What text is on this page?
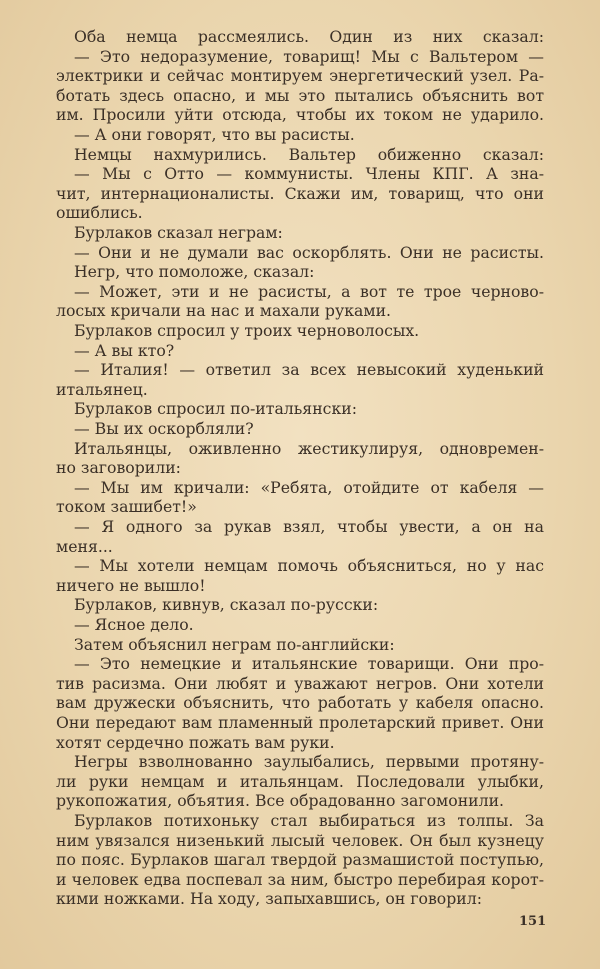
Оба немца рассмеялись. Один из них сказал:
— Это недоразумение, товарищ! Мы с Вальтером —
электрики и сейчас монтируем энергетический узел. Ра-
ботать здесь опасно, и мы это пытались объяснить вот
им. Просили уйти отсюда, чтобы их током не ударило.
— А они говорят, что вы расисты.
Немцы нахмурились. Вальтер обиженно сказал:
— Мы с Отто — коммунисты. Члены КПГ. А зна-
чит, интернационалисты. Скажи им, товарищ, что они
ошиблись.
Бурлаков сказал неграм:
— Они и не думали вас оскорблять. Они не расисты.
Негр, что помоложе, сказал:
— Может, эти и не расисты, а вот те трое черново-
лосых кричали на нас и махали руками.
Бурлаков спросил у троих черноволосых.
— А вы кто?
— Италия! — ответил за всех невысокий худенький
итальянец.
Бурлаков спросил по-итальянски:
— Вы их оскорбляли?
Итальянцы, оживленно жестикулируя, одновремен-
но заговорили:
— Мы им кричали: «Ребята, отойдите от кабеля —
током зашибет!»
— Я одного за рукав взял, чтобы увести, а он на
меня...
— Мы хотели немцам помочь объясниться, но у нас
ничего не вышло!
Бурлаков, кивнув, сказал по-русски:
— Ясное дело.
Затем объяснил неграм по-английски:
— Это немецкие и итальянские товарищи. Они про-
тив расизма. Они любят и уважают негров. Они хотели
вам дружески объяснить, что работать у кабеля опасно.
Они передают вам пламенный пролетарский привет. Они
хотят сердечно пожать вам руки.
Негры взволнованно заулыбались, первыми протяну-
ли руки немцам и итальянцам. Последовали улыбки,
рукопожатия, объятия. Все обрадованно загомонили.
Бурлаков потихоньку стал выбираться из толпы. За
ним увязался низенький лысый человек. Он был кузнецу
по пояс. Бурлаков шагал твердой размашистой поступью,
и человек едва поспевал за ним, быстро перебирая корот-
кими ножками. На ходу, запыхавшись, он говорил:
151
